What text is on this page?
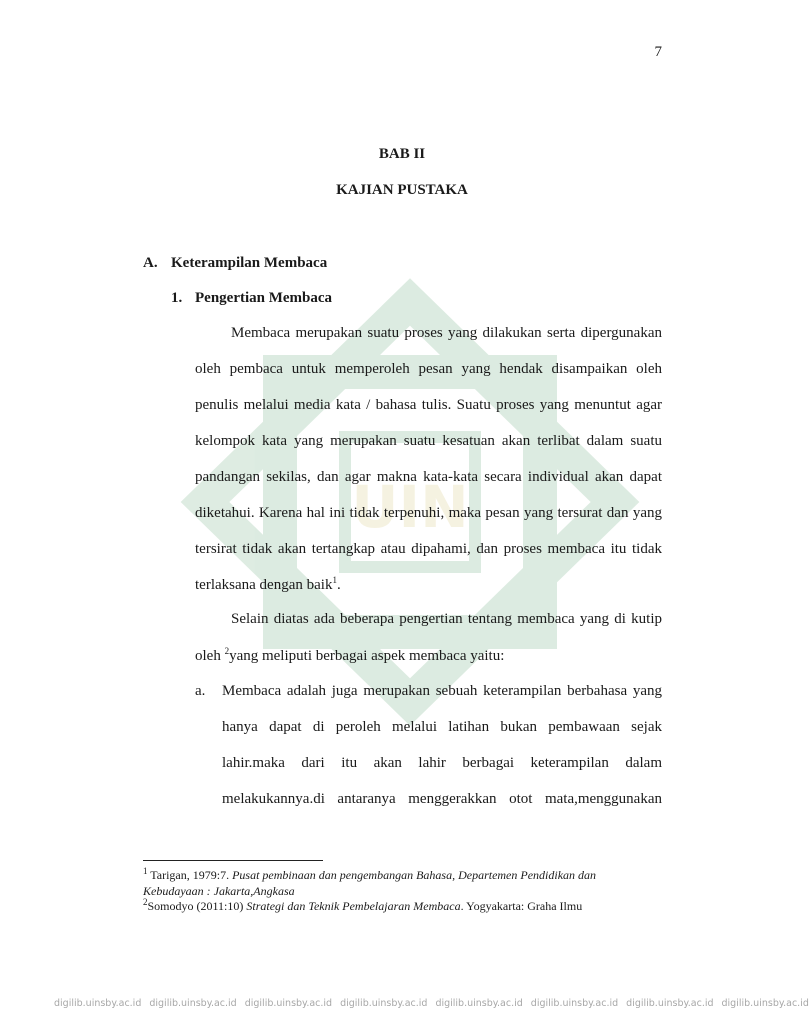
UIN
7
BAB II
KAJIAN PUSTAKA
A. Keterampilan Membaca
1. Pengertian Membaca
Membaca merupakan suatu proses yang dilakukan serta dipergunakan
oleh pembaca untuk memperoleh pesan yang hendak disampaikan oleh
penulis melalui media kata / bahasa tulis. Suatu proses yang menuntut agar
kelompok kata yang merupakan suatu kesatuan akan terlibat dalam suatu
pandangan sekilas, dan agar makna kata-kata secara individual akan dapat
diketahui. Karena hal ini tidak terpenuhi, maka pesan yang tersurat dan yang
tersirat tidak akan tertangkap atau dipahami, dan proses membaca itu tidak
terlaksana dengan baik$^1$.
Selain diatas ada beberapa pengertian tentang membaca yang di kutip
oleh $^2$yang meliputi berbagai aspek membaca yaitu:
a. Membaca adalah juga merupakan sebuah keterampilan berbahasa yang
hanya dapat di peroleh melalui latihan bukan pembawaan sejak
lahir.maka dari itu akan lahir berbagai keterampilan dalam
melakukannya.di antaranya menggerakkan otot mata,menggunakan
$^1$ Tarigan, 1979:7. Pusat pembinaan dan pengembangan Bahasa, Departemen Pendidikan dan
Kebudayaan : Jakarta,Angkasa
$^2$Somodyo (2011:10) Strategi dan Teknik Pembelajaran Membaca. Yogyakarta: Graha Ilmu
digilib.uinsby.ac.id digilib.uinsby.ac.id digilib.uinsby.ac.id digilib.uinsby.ac.id digilib.uinsby.ac.id digilib.uinsby.ac.id digilib.uinsby.ac.id digilib.uinsby.ac.id
